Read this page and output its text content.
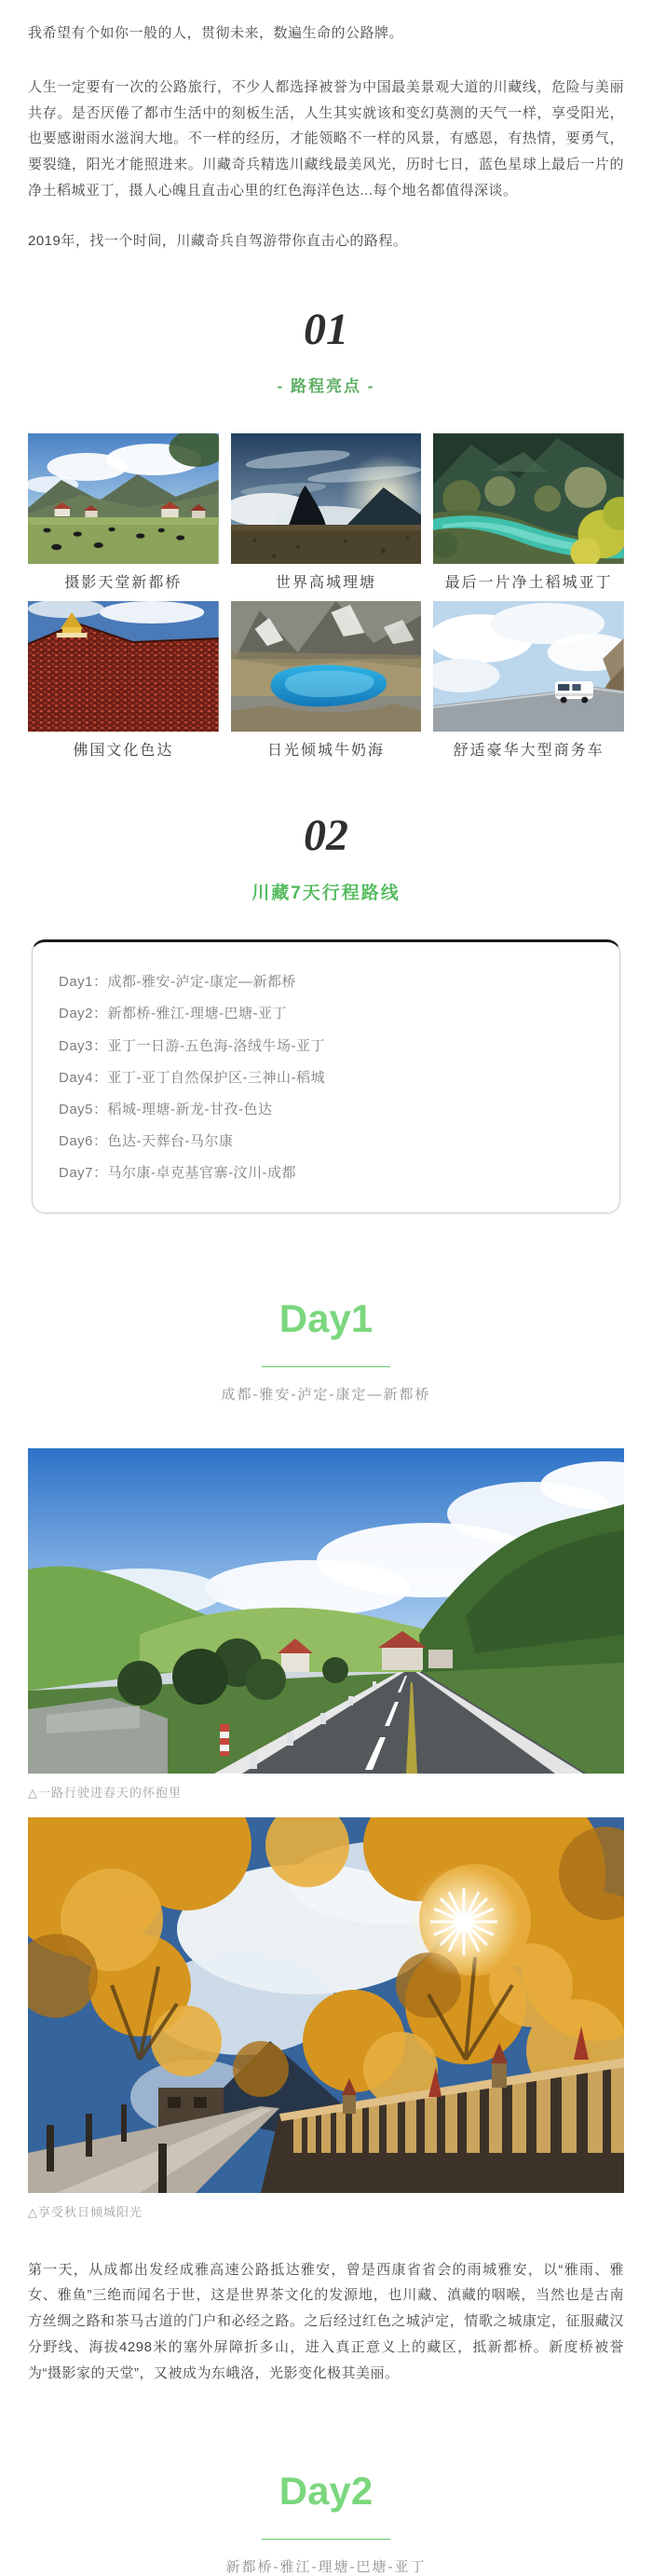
我希望有个如你一般的人，贯彻未来，数遍生命的公路牌。

人生一定要有一次的公路旅行，不少人都选择被誉为中国最美景观大道的川藏线，危险与美丽共存。是否厌倦了都市生活中的刻板生活，人生其实就该和变幻莫测的天气一样，享受阳光，也要感谢雨水滋润大地。不一样的经历，才能领略不一样的风景，有感恩，有热情，要勇气，要裂缝，阳光才能照进来。川藏奇兵精选川藏线最美风光，历时七日，蓝色星球上最后一片的净土稻城亚丁，摄人心魄且直击心里的红色海洋色达...每个地名都值得深谈。

2019年，找一个时间，川藏奇兵自驾游带你直击心的路程。

01
- 路程亮点 -
摄影天堂新都桥	世界高城理塘	最后一片净土稻城亚丁
佛国文化色达	日光倾城牛奶海	舒适豪华大型商务车
02
川藏7天行程路线
Day1：成都-雅安-泸定-康定—新都桥
Day2：新都桥-雅江-理塘-巴塘-亚丁
Day3：亚丁一日游-五色海-洛绒牛场-亚丁
Day4：亚丁-亚丁自然保护区-三神山-稻城
Day5：稻城-理塘-新龙-甘孜-色达
Day6：色达-天葬台-马尔康
Day7：马尔康-卓克基官寨-汶川-成都
Day1
成都-雅安-泸定-康定—新都桥
△一路行驶进春天的怀抱里
△享受秋日倾城阳光

第一天，从成都出发经成雅高速公路抵达雅安，曾是西康省省会的雨城雅安，以“雅雨、雅女、雅鱼”三绝而闻名于世，这是世界茶文化的发源地，也川藏、滇藏的咽喉，当然也是古南方丝绸之路和茶马古道的门户和必经之路。之后经过红色之城泸定，情歌之城康定，征服藏汉分野线、海拔4298米的塞外屏障折多山，进入真正意义上的藏区，抵新都桥。新度桥被誉为“摄影家的天堂”，又被成为东峨洛，光影变化极其美丽。

Day2
新都桥-雅江-理塘-巴塘-亚丁
